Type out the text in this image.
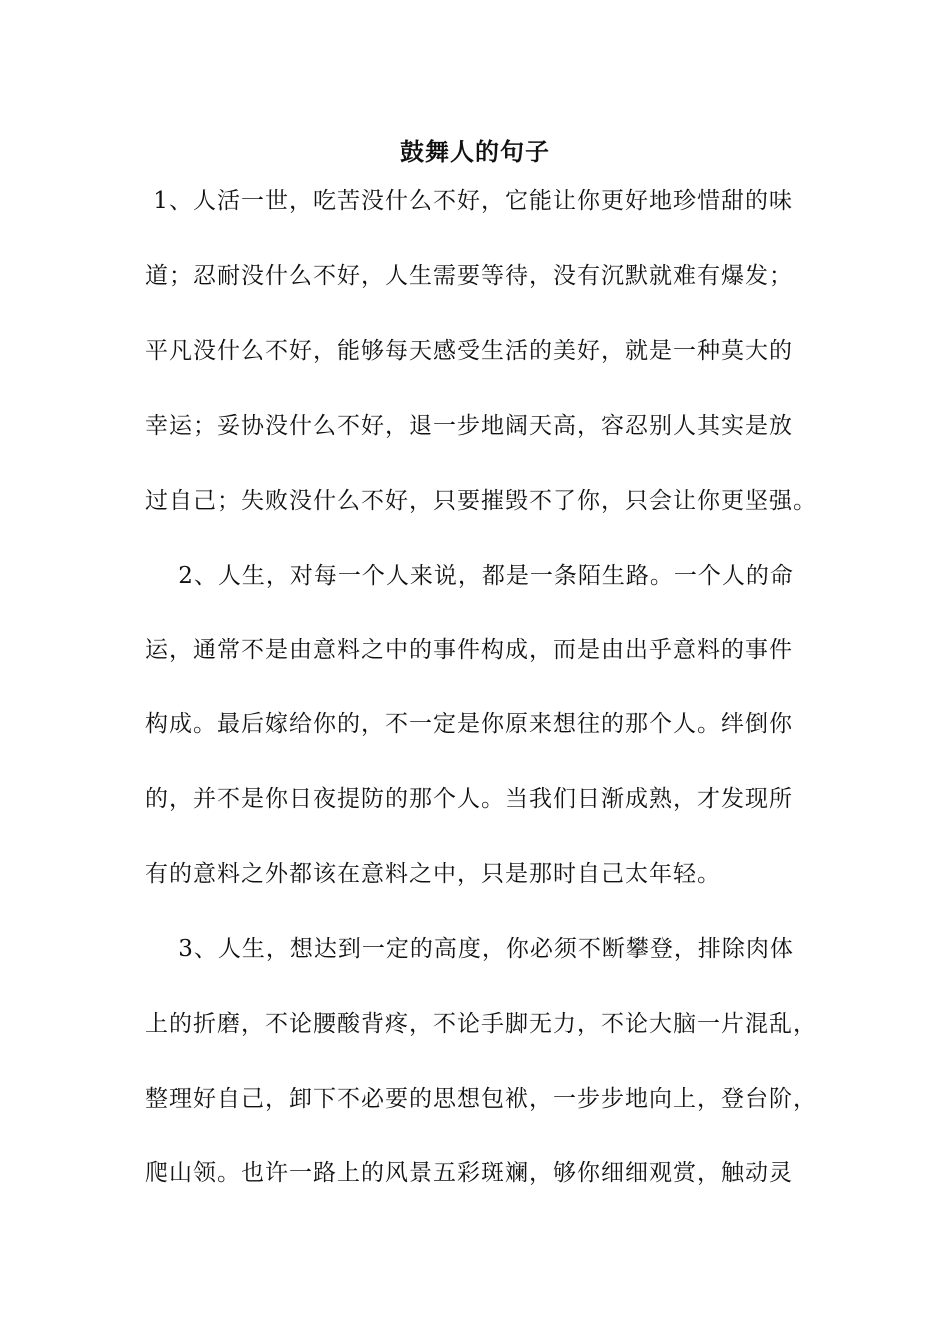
鼓舞人的句子
1、人活一世，吃苦没什么不好，它能让你更好地珍惜甜的味
道；忍耐没什么不好，人生需要等待，没有沉默就难有爆发；
平凡没什么不好，能够每天感受生活的美好，就是一种莫大的
幸运；妥协没什么不好，退一步地阔天高，容忍别人其实是放
过自己；失败没什么不好，只要摧毁不了你，只会让你更坚强。
2、人生，对每一个人来说，都是一条陌生路。一个人的命
运，通常不是由意料之中的事件构成，而是由出乎意料的事件
构成。最后嫁给你的，不一定是你原来想往的那个人。绊倒你
的，并不是你日夜提防的那个人。当我们日渐成熟，才发现所
有的意料之外都该在意料之中，只是那时自己太年轻。
3、人生，想达到一定的高度，你必须不断攀登，排除肉体
上的折磨，不论腰酸背疼，不论手脚无力，不论大脑一片混乱，
整理好自己，卸下不必要的思想包袱，一步步地向上，登台阶，
爬山领。也许一路上的风景五彩斑斓，够你细细观赏，触动灵
